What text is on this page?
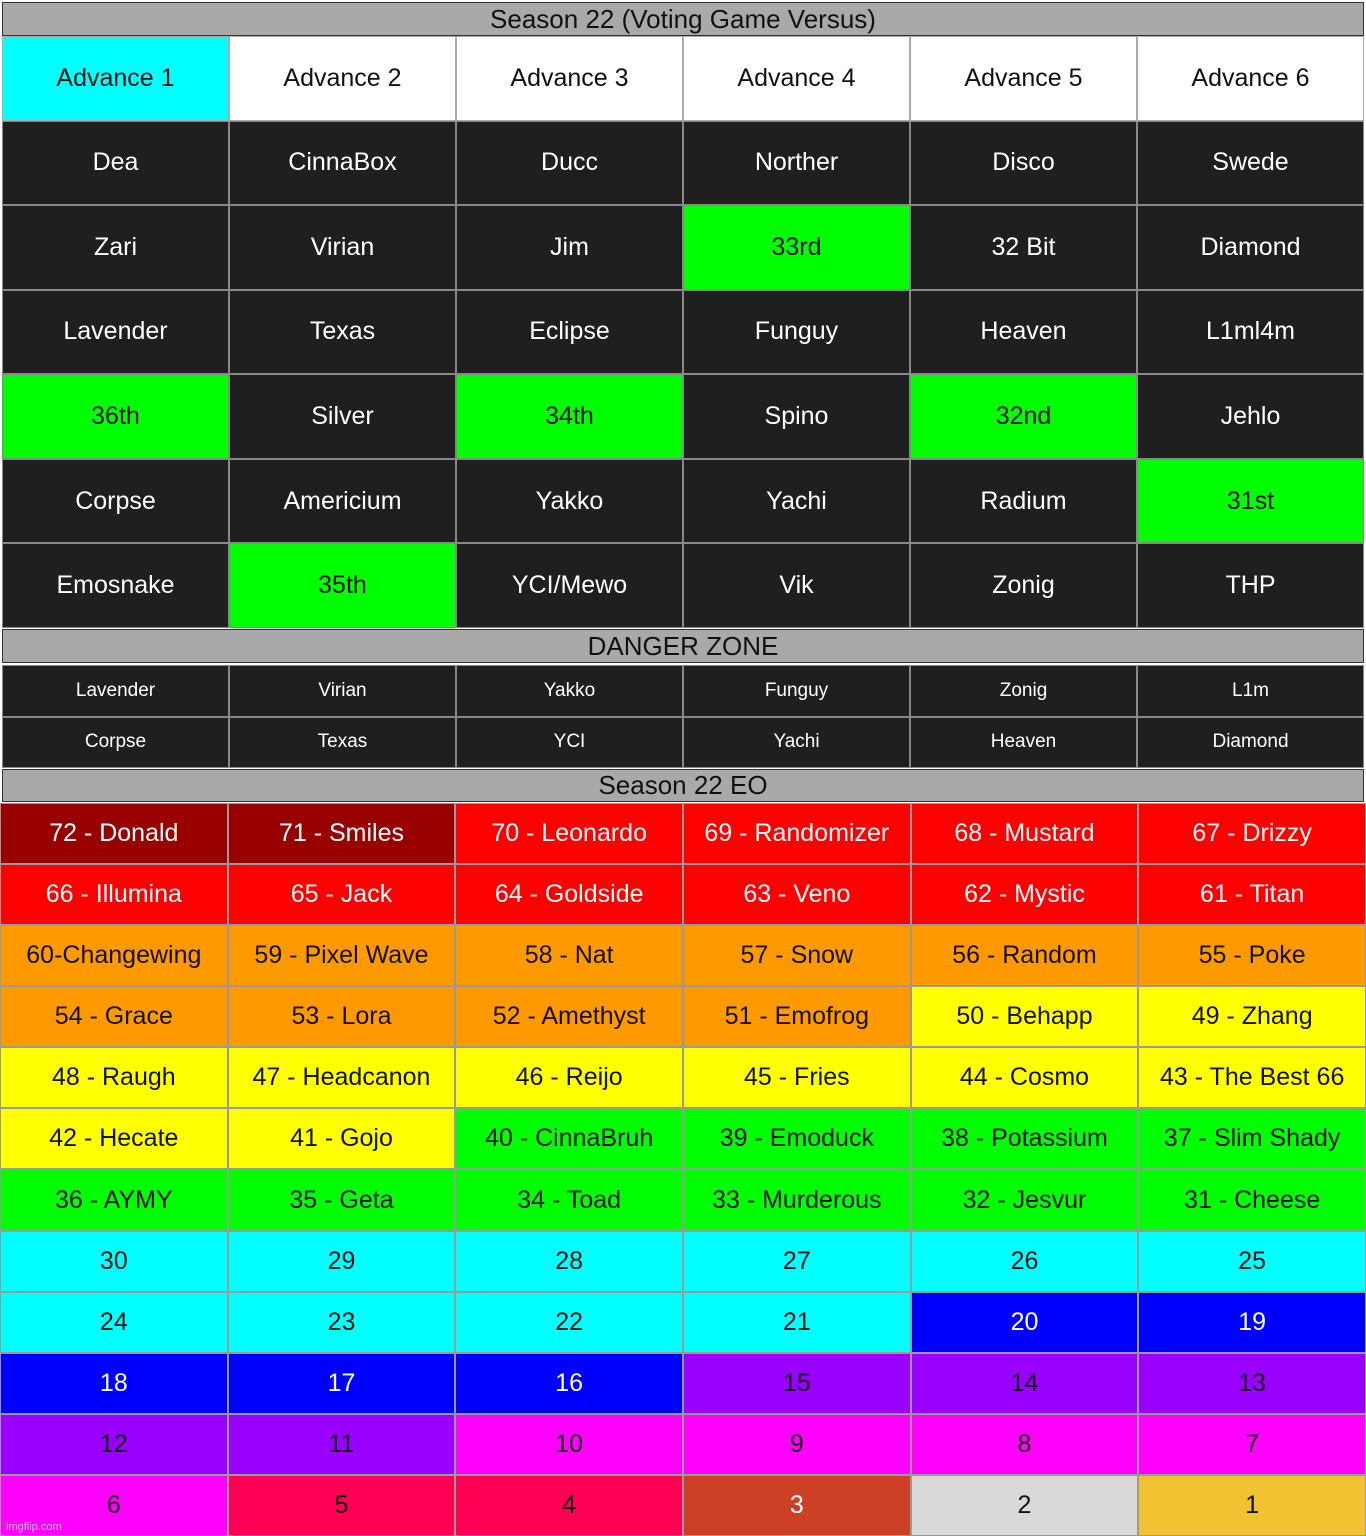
Season 22 (Voting Game Versus)
Advance 1	Advance 2	Advance 3	Advance 4	Advance 5	Advance 6
Dea	CinnaBox	Ducc	Norther	Disco	Swede
Zari	Virian	Jim	33rd	32 Bit	Diamond
Lavender	Texas	Eclipse	Funguy	Heaven	L1ml4m
36th	Silver	34th	Spino	32nd	Jehlo
Corpse	Americium	Yakko	Yachi	Radium	31st
Emosnake	35th	YCI/Mewo	Vik	Zonig	THP
DANGER ZONE
Lavender	Virian	Yakko	Funguy	Zonig	L1m
Corpse	Texas	YCI	Yachi	Heaven	Diamond
Season 22 EO
72 - Donald	71 - Smiles	70 - Leonardo	69 - Randomizer	68 - Mustard	67 - Drizzy
66 - Illumina	65 - Jack	64 - Goldside	63 - Veno	62 - Mystic	61 - Titan
60-Changewing	59 - Pixel Wave	58 - Nat	57 - Snow	56 - Random	55 - Poke
54 - Grace	53 - Lora	52 - Amethyst	51 - Emofrog	50 - Behapp	49 - Zhang
48 - Raugh	47 - Headcanon	46 - Reijo	45 - Fries	44 - Cosmo	43 - The Best 66
42 - Hecate	41 - Gojo	40 - CinnaBruh	39 - Emoduck	38 - Potassium	37 - Slim Shady
36 - AYMY	35 - Geta	34 - Toad	33 - Murderous	32 - Jesvur	31 - Cheese
30	29	28	27	26	25
24	23	22	21	20	19
18	17	16	15	14	13
12	11	10	9	8	7
6	5	4	3	2	1
imgflip.com
